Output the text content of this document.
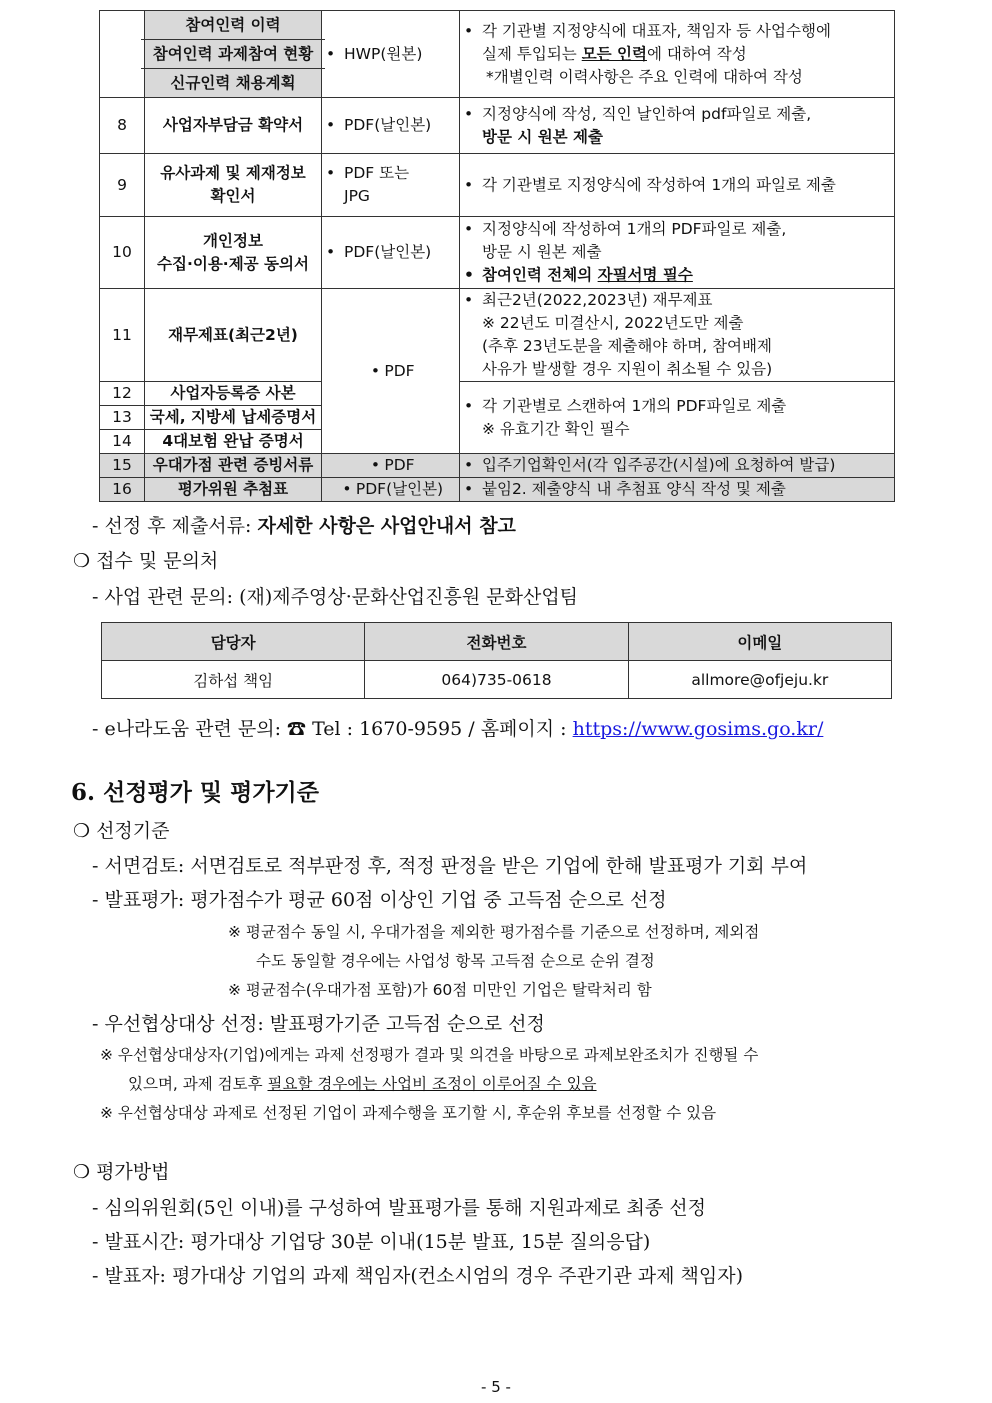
	참여인력 이력
참여인력 과제참여 현황
신규인력 채용계획	• HWP(원본)	• 각 기관별 지정양식에 대표자, 책임자 등 사업수행에
실제 투입되는 모든 인력에 대하여 작성
*개별인력 이력사항은 주요 인력에 대하여 작성

8	사업자부담금 확약서	• PDF(날인본)	• 지정양식에 작성, 직인 날인하여 pdf파일로 제출,
방문 시 원본 제출

9	유사과제 및 제재정보
확인서	• PDF 또는
JPG	• 각 기관별로 지정양식에 작성하여 1개의 파일로 제출
10	개인정보
수집·이용·제공 동의서	• PDF(날인본)	• 지정양식에 작성하여 1개의 PDF파일로 제출,
방문 시 원본 제출
• 참여인력 전체의 자필서명 필수

11	재무제표(최근2년)	• PDF	• 최근2년(2022,2023년) 재무제표
※ 22년도 미결산시, 2022년도만 제출
(추후 23년도분을 제출해야 하며, 참여배제
사유가 발생할 경우 지원이 취소될 수 있음)

12	사업자등록증 사본		• 각 기관별로 스캔하여 1개의 PDF파일로 제출
※ 유효기간 확인 필수

13	국세, 지방세 납세증명서		
14	4대보험 완납 증명서		
15	우대가점 관련 증빙서류	• PDF	• 입주기업확인서(각 입주공간(시설)에 요청하여 발급)
16	평가위원 추첨표	• PDF(날인본)	• 붙임2. 제출양식 내 추첨표 양식 작성 및 제출
- 선정 후 제출서류: 자세한 사항은 사업안내서 참고
❍ 접수 및 문의처
- 사업 관련 문의: (재)제주영상·문화산업진흥원 문화산업팀
담당자	전화번호	이메일
김하섭 책임	064)735-0618	allmore@ofjeju.kr
- e나라도움 관련 문의: ☎ Tel : 1670-9595 / 홈페이지 : https://www.gosims.go.kr/
6. 선정평가 및 평가기준
❍ 선정기준
- 서면검토: 서면검토로 적부판정 후, 적정 판정을 받은 기업에 한해 발표평가 기회 부여
- 발표평가: 평가점수가 평균 60점 이상인 기업 중 고득점 순으로 선정
※ 평균점수 동일 시, 우대가점을 제외한 평가점수를 기준으로 선정하며, 제외점
수도 동일할 경우에는 사업성 항목 고득점 순으로 순위 결정
※ 평균점수(우대가점 포함)가 60점 미만인 기업은 탈락처리 함
- 우선협상대상 선정: 발표평가기준 고득점 순으로 선정
※ 우선협상대상자(기업)에게는 과제 선정평가 결과 및 의견을 바탕으로 과제보완조치가 진행될 수
있으며, 과제 검토후 필요할 경우에는 사업비 조정이 이루어질 수 있음
※ 우선협상대상 과제로 선정된 기업이 과제수행을 포기할 시, 후순위 후보를 선정할 수 있음
❍ 평가방법
- 심의위원회(5인 이내)를 구성하여 발표평가를 통해 지원과제로 최종 선정
- 발표시간: 평가대상 기업당 30분 이내(15분 발표, 15분 질의응답)
- 발표자: 평가대상 기업의 과제 책임자(컨소시엄의 경우 주관기관 과제 책임자)
- 5 -
